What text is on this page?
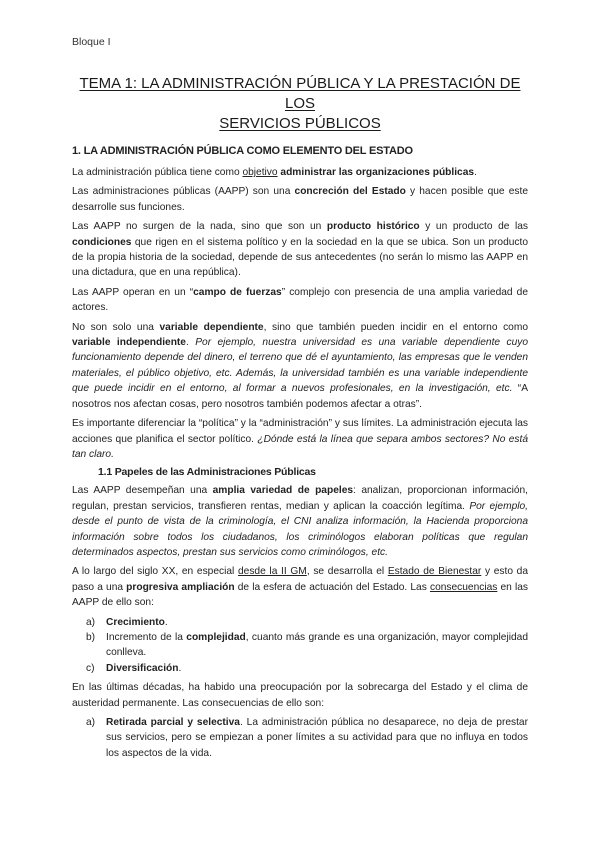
Bloque I
TEMA 1: LA ADMINISTRACIÓN PÚBLICA Y LA PRESTACIÓN DE LOS
SERVICIOS PÚBLICOS
1. LA ADMINISTRACIÓN PÚBLICA COMO ELEMENTO DEL ESTADO

La administración pública tiene como objetivo administrar las organizaciones públicas.

Las administraciones públicas (AAPP) son una concreción del Estado y hacen posible que este desarrolle sus funciones.

Las AAPP no surgen de la nada, sino que son un producto histórico y un producto de las condiciones que rigen en el sistema político y en la sociedad en la que se ubica. Son un producto de la propia historia de la sociedad, depende de sus antecedentes (no serán lo mismo las AAPP en una dictadura, que en una república).

Las AAPP operan en un “campo de fuerzas” complejo con presencia de una amplia variedad de actores.

No son solo una variable dependiente, sino que también pueden incidir en el entorno como variable independiente. Por ejemplo, nuestra universidad es una variable dependiente cuyo funcionamiento depende del dinero, el terreno que dé el ayuntamiento, las empresas que le venden materiales, el público objetivo, etc. Además, la universidad también es una variable independiente que puede incidir en el entorno, al formar a nuevos profesionales, en la investigación, etc. “A nosotros nos afectan cosas, pero nosotros también podemos afectar a otras”.

Es importante diferenciar la “política” y la “administración” y sus límites. La administración ejecuta las acciones que planifica el sector político. ¿Dónde está la línea que separa ambos sectores? No está tan claro.

1.1 Papeles de las Administraciones Públicas

Las AAPP desempeñan una amplia variedad de papeles: analizan, proporcionan información, regulan, prestan servicios, transfieren rentas, median y aplican la coacción legítima. Por ejemplo, desde el punto de vista de la criminología, el CNI analiza información, la Hacienda proporciona información sobre todos los ciudadanos, los criminólogos elaboran políticas que regulan determinados aspectos, prestan sus servicios como criminólogos, etc.

A lo largo del siglo XX, en especial desde la II GM, se desarrolla el Estado de Bienestar y esto da paso a una progresiva ampliación de la esfera de actuación del Estado. Las consecuencias en las AAPP de ello son:

a) Crecimiento.
b) Incremento de la complejidad, cuanto más grande es una organización, mayor complejidad conlleva.
c) Diversificación.

En las últimas décadas, ha habido una preocupación por la sobrecarga del Estado y el clima de austeridad permanente. Las consecuencias de ello son:

a) Retirada parcial y selectiva. La administración pública no desaparece, no deja de prestar sus servicios, pero se empiezan a poner límites a su actividad para que no influya en todos los aspectos de la vida.
